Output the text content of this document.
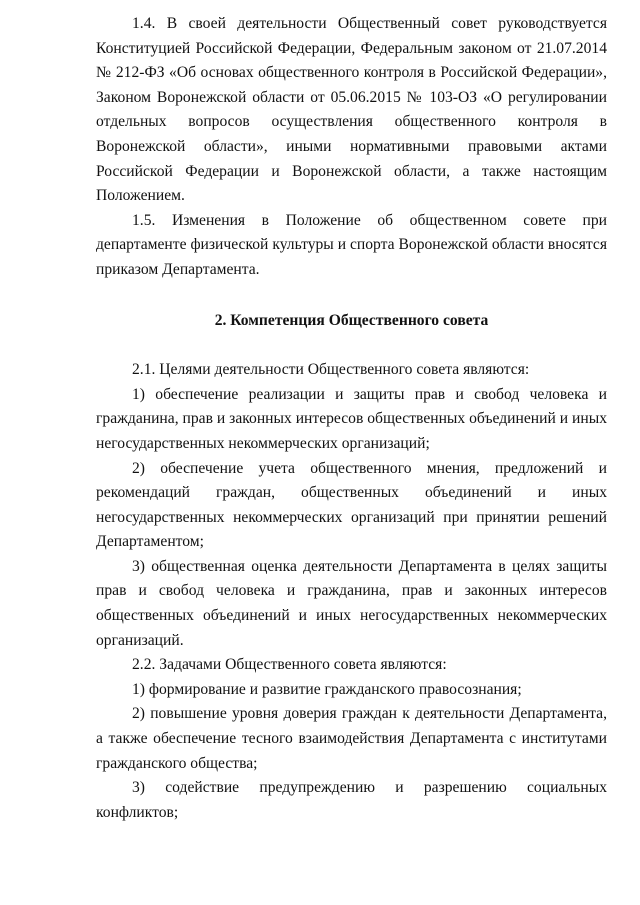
1.4. В своей деятельности Общественный совет руководствуется Конституцией Российской Федерации, Федеральным законом от 21.07.2014 № 212-ФЗ «Об основах общественного контроля в Российской Федерации», Законом Воронежской области от 05.06.2015 № 103-ОЗ «О регулировании отдельных вопросов осуществления общественного контроля в Воронежской области», иными нормативными правовыми актами Российской Федерации и Воронежской области, а также настоящим Положением.

1.5. Изменения в Положение об общественном совете при департаменте физической культуры и спорта Воронежской области вносятся приказом Департамента.

2. Компетенция Общественного совета

2.1. Целями деятельности Общественного совета являются:

1) обеспечение реализации и защиты прав и свобод человека и гражданина, прав и законных интересов общественных объединений и иных негосударственных некоммерческих организаций;

2) обеспечение учета общественного мнения, предложений и рекомендаций граждан, общественных объединений и иных негосударственных некоммерческих организаций при принятии решений Департаментом;

3) общественная оценка деятельности Департамента в целях защиты прав и свобод человека и гражданина, прав и законных интересов общественных объединений и иных негосударственных некоммерческих организаций.

2.2. Задачами Общественного совета являются:

1) формирование и развитие гражданского правосознания;

2) повышение уровня доверия граждан к деятельности Департамента, а также обеспечение тесного взаимодействия Департамента с институтами гражданского общества;

3) содействие предупреждению и разрешению социальных конфликтов;
